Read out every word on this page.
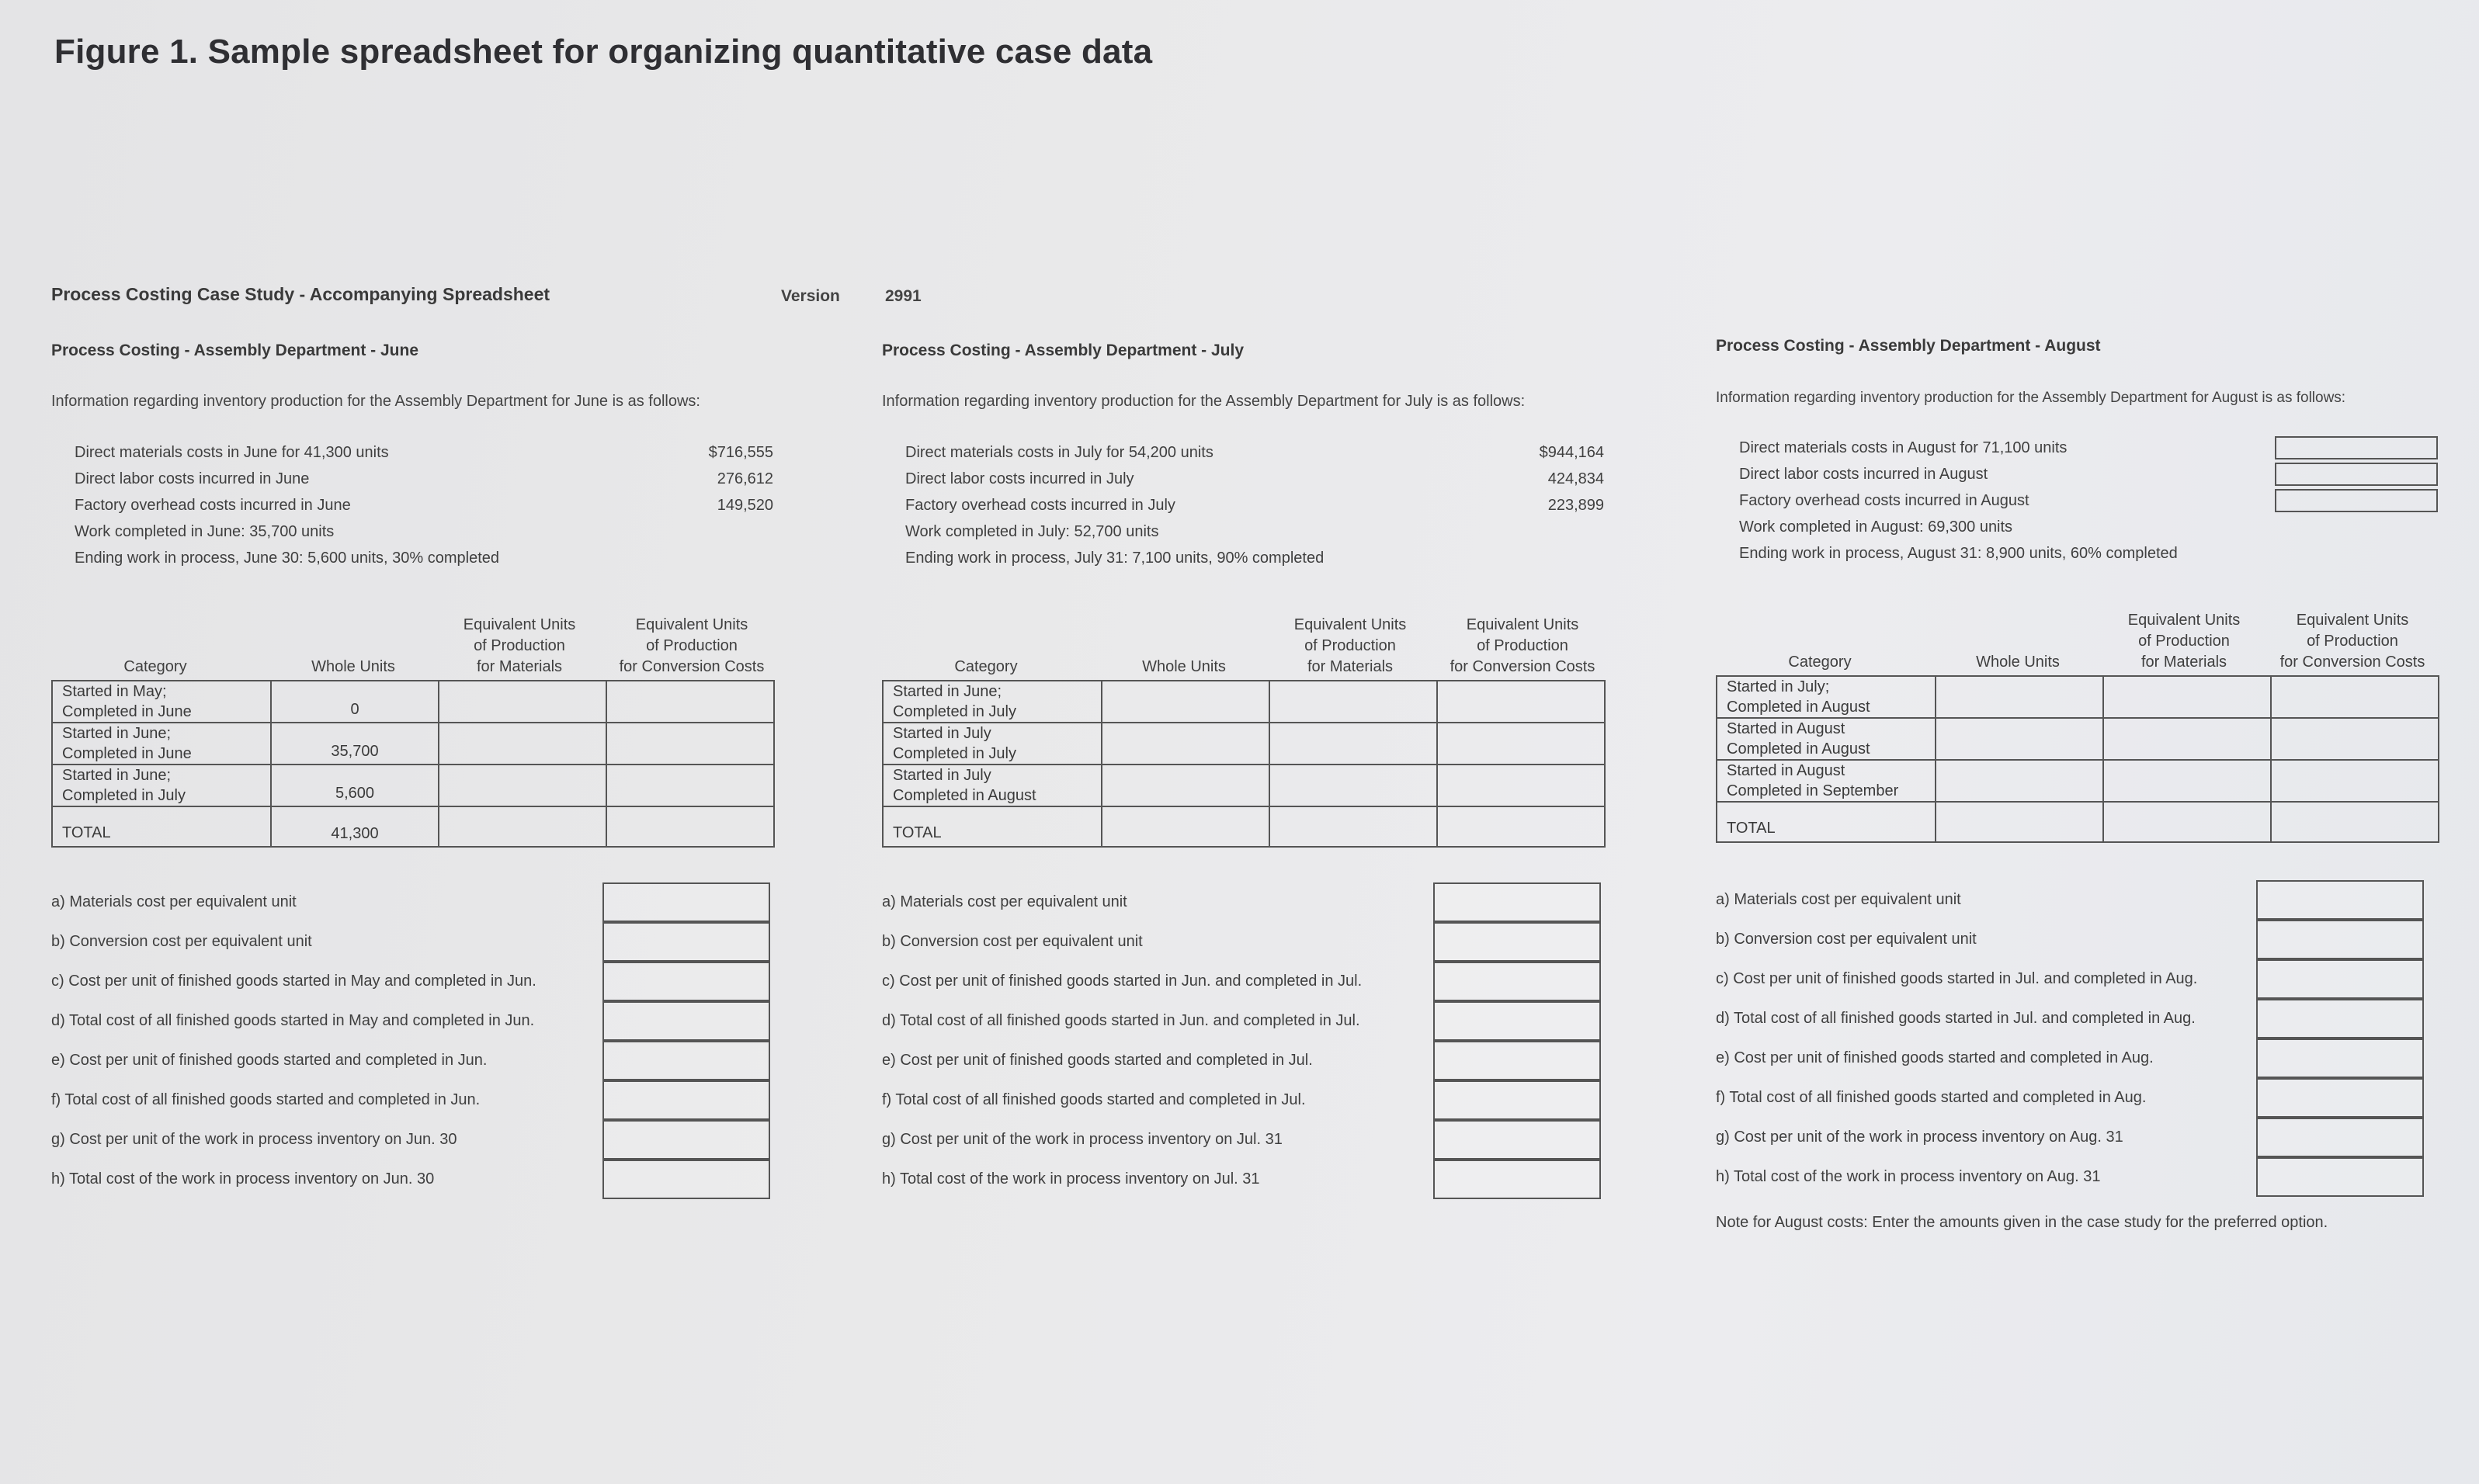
Figure 1. Sample spreadsheet for organizing quantitative case data
Process Costing Case Study - Accompanying Spreadsheet	Version	2991
Process Costing - Assembly Department - June
Information regarding inventory production for the Assembly Department for June is as follows:
Direct materials costs in June for 41,300 units	$716,555
Direct labor costs incurred in June	276,612
Factory overhead costs incurred in June	149,520
Work completed in June: 35,700 units
Ending work in process, June 30: 5,600 units, 30% completed
Category	Whole Units
Equivalent Units
of Production
for Materials
Equivalent Units
of Production
for Conversion Costs
Started in May;
Completed in June	0		

Started in June;
Completed in June	35,700		

Started in June;
Completed in July	5,600		
TOTAL	41,300		
a) Materials cost per equivalent unit
b) Conversion cost per equivalent unit
c) Cost per unit of finished goods started in May and completed in Jun.
d) Total cost of all finished goods started in May and completed in Jun.
e) Cost per unit of finished goods started and completed in Jun.
f) Total cost of all finished goods started and completed in Jun.
g) Cost per unit of the work in process inventory on Jun. 30
h) Total cost of the work in process inventory on Jun. 30
Process Costing - Assembly Department - July
Information regarding inventory production for the Assembly Department for July is as follows:
Direct materials costs in July for 54,200 units	$944,164
Direct labor costs incurred in July	424,834
Factory overhead costs incurred in July	223,899
Work completed in July: 52,700 units
Ending work in process, July 31: 7,100 units, 90% completed
Category	Whole Units
Equivalent Units
of Production
for Materials
Equivalent Units
of Production
for Conversion Costs
Started in June;
Completed in July			

Started in July
Completed in July			

Started in July
Completed in August			

TOTAL			
a) Materials cost per equivalent unit
b) Conversion cost per equivalent unit
c) Cost per unit of finished goods started in Jun. and completed in Jul.
d) Total cost of all finished goods started in Jun. and completed in Jul.
e) Cost per unit of finished goods started and completed in Jul.
f) Total cost of all finished goods started and completed in Jul.
g) Cost per unit of the work in process inventory on Jul. 31
h) Total cost of the work in process inventory on Jul. 31
Process Costing - Assembly Department - August
Information regarding inventory production for the Assembly Department for August is as follows:
Direct materials costs in August for 71,100 units
Direct labor costs incurred in August
Factory overhead costs incurred in August
Work completed in August: 69,300 units
Ending work in process, August 31: 8,900 units, 60% completed
Category	Whole Units
Equivalent Units
of Production
for Materials
Equivalent Units
of Production
for Conversion Costs
Started in July;
Completed in August			

Started in August
Completed in August			

Started in August
Completed in September			

TOTAL			
a) Materials cost per equivalent unit
b) Conversion cost per equivalent unit
c) Cost per unit of finished goods started in Jul. and completed in Aug.
d) Total cost of all finished goods started in Jul. and completed in Aug.
e) Cost per unit of finished goods started and completed in Aug.
f) Total cost of all finished goods started and completed in Aug.
g) Cost per unit of the work in process inventory on Aug. 31
h) Total cost of the work in process inventory on Aug. 31
Note for August costs: Enter the amounts given in the case study for the preferred option.
